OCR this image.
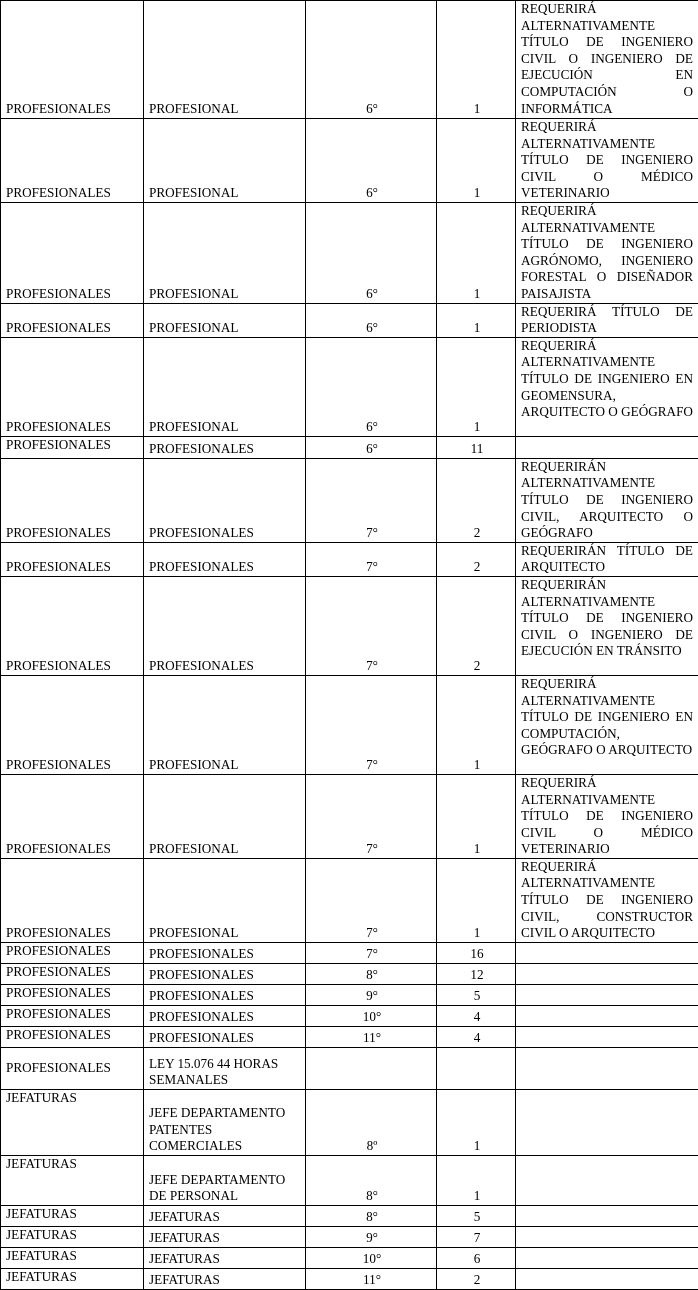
PROFESIONALES	PROFESIONAL	6°	1	REQUERIRÁ ALTERNATIVAMENTE TÍTULO DE INGENIERO CIVIL O INGENIERO DE EJECUCIÓN EN COMPUTACIÓN O INFORMÁTICA
PROFESIONALES	PROFESIONAL	6°	1	REQUERIRÁ ALTERNATIVAMENTE TÍTULO DE INGENIERO CIVIL O MÉDICO VETERINARIO
PROFESIONALES	PROFESIONAL	6°	1	REQUERIRÁ ALTERNATIVAMENTE TÍTULO DE INGENIERO AGRÓNOMO, INGENIERO FORESTAL O DISEÑADOR PAISAJISTA
PROFESIONALES	PROFESIONAL	6°	1	REQUERIRÁ TÍTULO DE PERIODISTA
PROFESIONALES	PROFESIONAL	6°	1	REQUERIRÁ ALTERNATIVAMENTE TÍTULO DE INGENIERO EN GEOMENSURA, ARQUITECTO O GEÓGRAFO
PROFESIONALES	PROFESIONALES	6°	11	
PROFESIONALES	PROFESIONALES	7°	2	REQUERIRÁN ALTERNATIVAMENTE TÍTULO DE INGENIERO CIVIL, ARQUITECTO O GEÓGRAFO
PROFESIONALES	PROFESIONALES	7°	2	REQUERIRÁN TÍTULO DE ARQUITECTO
PROFESIONALES	PROFESIONALES	7°	2	REQUERIRÁN ALTERNATIVAMENTE TÍTULO DE INGENIERO CIVIL O INGENIERO DE EJECUCIÓN EN TRÁNSITO
PROFESIONALES	PROFESIONAL	7°	1	REQUERIRÁ ALTERNATIVAMENTE TÍTULO DE INGENIERO EN COMPUTACIÓN, GEÓGRAFO O ARQUITECTO
PROFESIONALES	PROFESIONAL	7°	1	REQUERIRÁ ALTERNATIVAMENTE TÍTULO DE INGENIERO CIVIL O MÉDICO VETERINARIO
PROFESIONALES	PROFESIONAL	7°	1	REQUERIRÁ ALTERNATIVAMENTE TÍTULO DE INGENIERO CIVIL, CONSTRUCTOR CIVIL O ARQUITECTO
PROFESIONALES	PROFESIONALES	7°	16	
PROFESIONALES	PROFESIONALES	8°	12	
PROFESIONALES	PROFESIONALES	9°	5	
PROFESIONALES	PROFESIONALES	10°	4	
PROFESIONALES	PROFESIONALES	11°	4	
PROFESIONALES	LEY 15.076 44 HORAS SEMANALES			
JEFATURAS	JEFE DEPARTAMENTO PATENTES COMERCIALES	8º	1	
JEFATURAS	JEFE DEPARTAMENTO DE PERSONAL	8°	1	
JEFATURAS	JEFATURAS	8°	5	
JEFATURAS	JEFATURAS	9°	7	
JEFATURAS	JEFATURAS	10°	6	
JEFATURAS	JEFATURAS	11°	2	
